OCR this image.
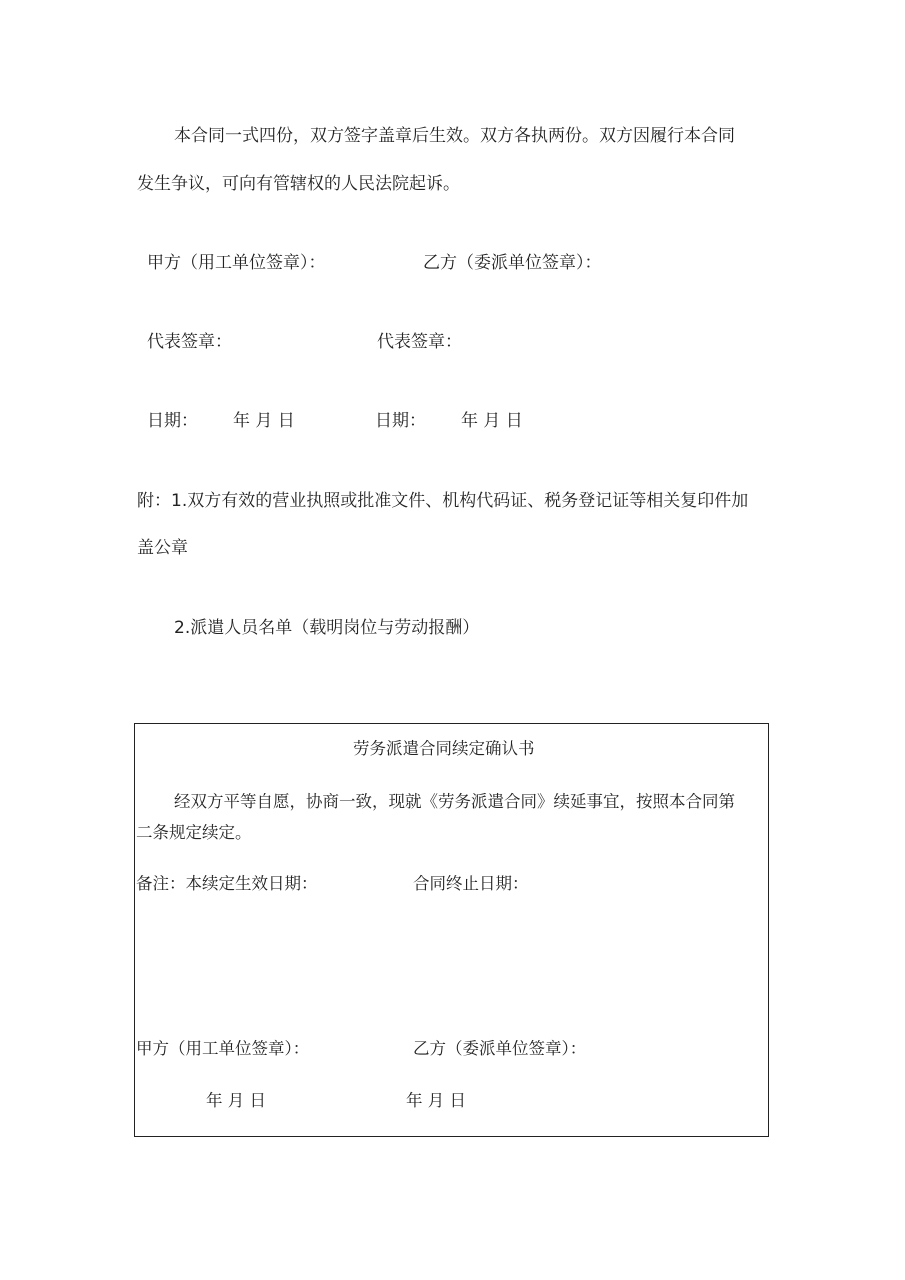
本合同一式四份，双方签字盖章后生效。双方各执两份。双方因履行本合同
发生争议，可向有管辖权的人民法院起诉。
甲方（用工单位签章）：	乙方（委派单位签章）：
代表签章：	代表签章：
日期： 年 月 日	日期： 年 月 日
附：1.双方有效的营业执照或批准文件、机构代码证、税务登记证等相关复印件加
盖公章
2.派遣人员名单（载明岗位与劳动报酬）
劳务派遣合同续定确认书
经双方平等自愿，协商一致，现就《劳务派遣合同》续延事宜，按照本合同第
二条规定续定。
备注：本续定生效日期：	合同终止日期：
甲方（用工单位签章）：	乙方（委派单位签章）：
年 月 日	年 月 日
